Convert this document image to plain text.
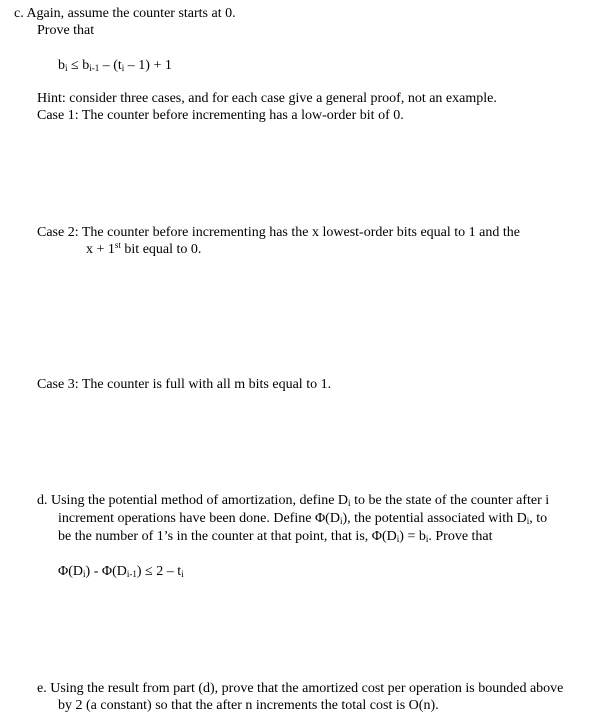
c. Again, assume the counter starts at 0.
Prove that
$b_i \le b_{i-1} - (t_i - 1) + 1$
Hint: consider three cases, and for each case give a general proof, not an example.
Case 1: The counter before incrementing has a low-order bit of 0.
Case 2: The counter before incrementing has the x lowest-order bits equal to 1 and the
x + 1st bit equal to 0.
Case 3: The counter is full with all m bits equal to 1.
d. Using the potential method of amortization, define $D_i$ to be the state of the counter after i
increment operations have been done. Define $\Phi(D_i)$, the potential associated with $D_i$, to
be the number of 1’s in the counter at that point, that is, $\Phi(D_i) = b_i$. Prove that
$\Phi(D_i) - \Phi(D_{i-1}) \le 2 - t_i$
e. Using the result from part (d), prove that the amortized cost per operation is bounded above
by 2 (a constant) so that the after n increments the total cost is O(n).
